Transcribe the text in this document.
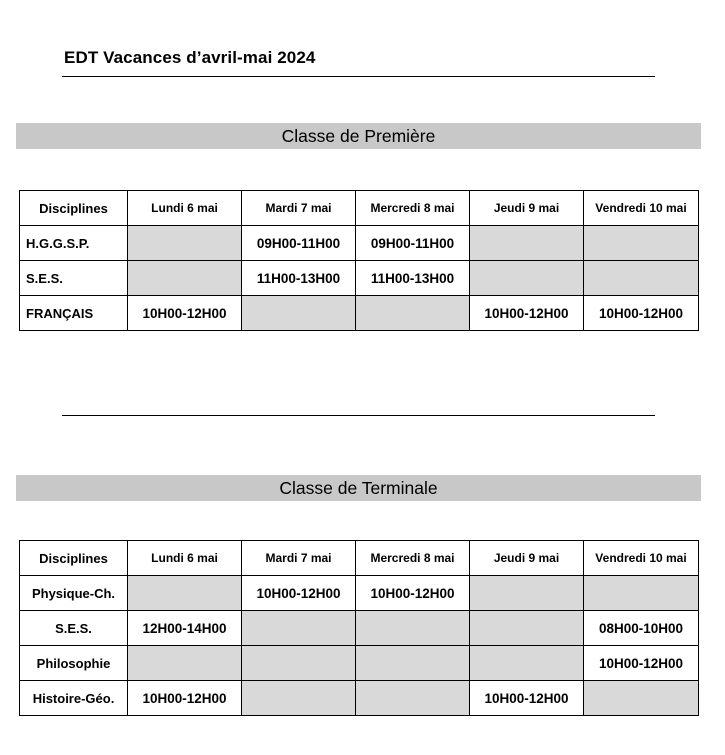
EDT Vacances d’avril-mai 2024
Classe de Première
Disciplines	Lundi 6 mai	Mardi 7 mai	Mercredi 8 mai	Jeudi 9 mai	Vendredi 10 mai
H.G.G.S.P.		09H00-11H00	09H00-11H00		
S.E.S.		11H00-13H00	11H00-13H00		
FRANÇAIS	10H00-12H00			10H00-12H00	10H00-12H00
Classe de Terminale
Disciplines	Lundi 6 mai	Mardi 7 mai	Mercredi 8 mai	Jeudi 9 mai	Vendredi 10 mai
Physique-Ch.		10H00-12H00	10H00-12H00		
S.E.S.	12H00-14H00				08H00-10H00
Philosophie					10H00-12H00
Histoire-Géo.	10H00-12H00			10H00-12H00	
